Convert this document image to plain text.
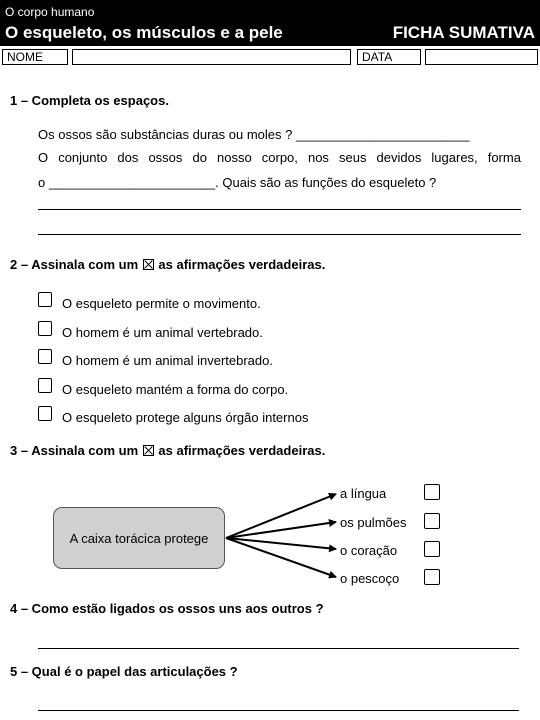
O corpo humano
O esqueleto, os músculos e a pele	FICHA SUMATIVA
NOME	DATA
1 – Completa os espaços.
Os ossos são substâncias duras ou moles ? ________________________
O conjunto dos ossos do nosso corpo, nos seus devidos lugares, forma
o _______________________. Quais são as funções do esqueleto ?
2 – Assinala com um as afirmações verdadeiras.
O esqueleto permite o movimento.
O homem é um animal vertebrado.
O homem é um animal invertebrado.
O esqueleto mantém a forma do corpo.
O esqueleto protege alguns órgão internos
3 – Assinala com um as afirmações verdadeiras.
A caixa torácica protege
a língua
os pulmões
o coração
o pescoço
4 – Como estão ligados os ossos uns aos outros ?
5 – Qual é o papel das articulações ?
